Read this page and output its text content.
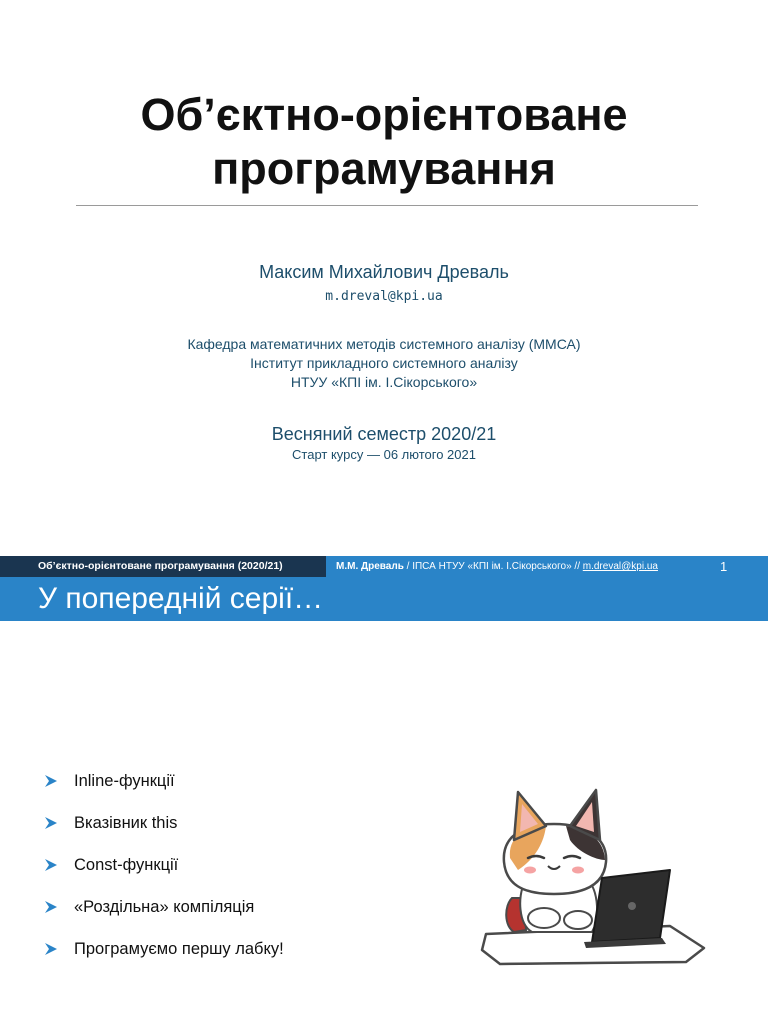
Об’єктно-орієнтоване
програмування
Максим Михайлович Древаль
m.dreval@kpi.ua
Кафедра математичних методів системного аналізу (ММСА)
Інститут прикладного системного аналізу
НТУУ «КПІ ім. І.Сікорського»
Весняний семестр 2020/21
Старт курсу — 06 лютого 2021
Об’єктно-орієнтоване програмування (2020/21)	М.М. Древаль / ІПСА НТУУ «КПІ ім. І.Сікорського» // m.dreval@kpi.ua	1
У попередній серії…
Inline-функції
Вказівник this
Const-функції
«Роздільна» компіляція
Програмуємо першу лабку!
